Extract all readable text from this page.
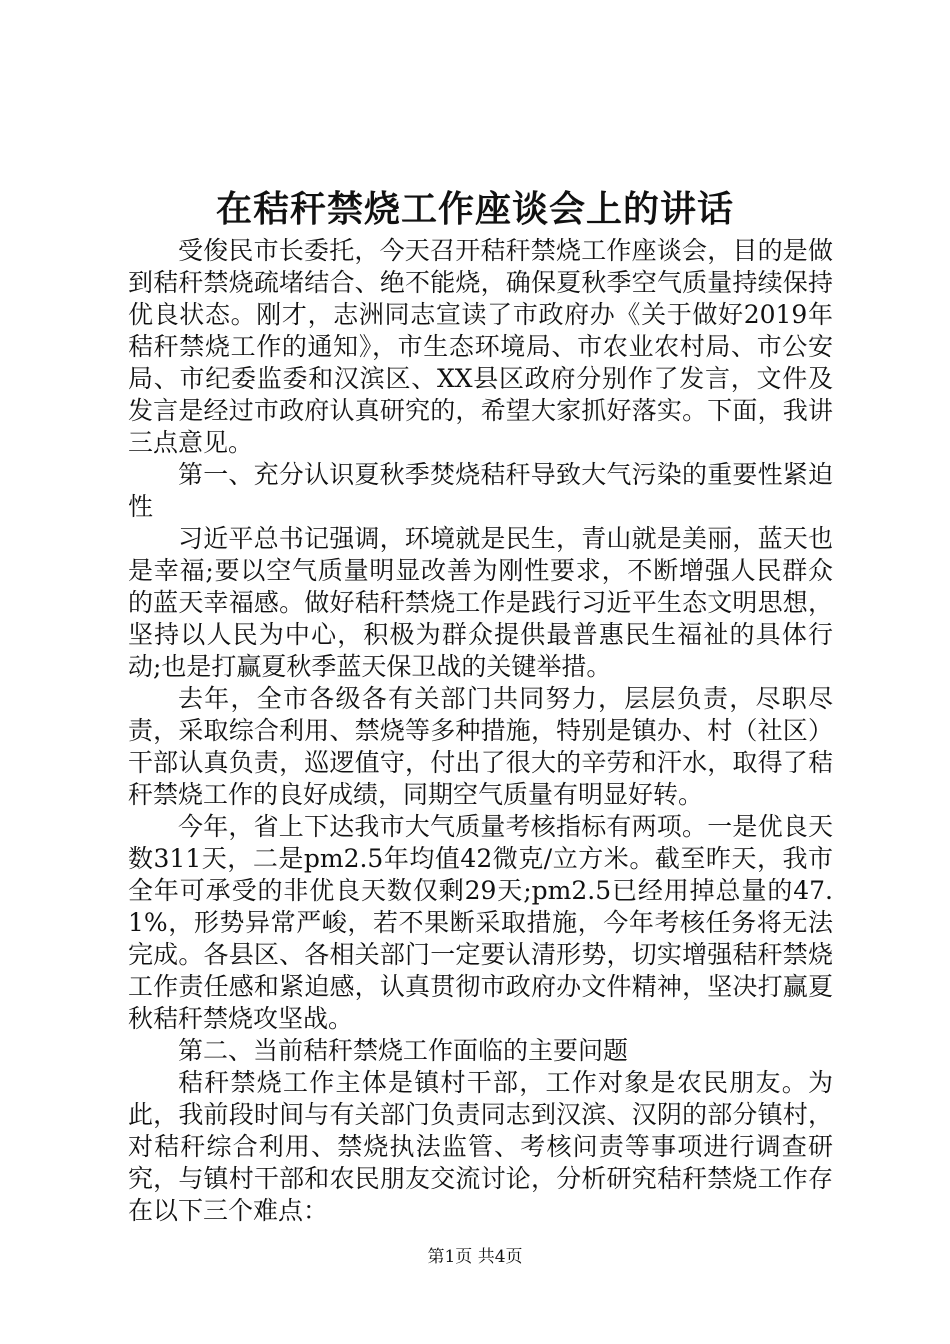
在秸秆禁烧工作座谈会上的讲话

受俊民市长委托，今天召开秸秆禁烧工作座谈会，目的是做到秸秆禁烧疏堵结合、绝不能烧，确保夏秋季空气质量持续保持优良状态。刚才，志洲同志宣读了市政府办《关于做好2019年秸秆禁烧工作的通知》，市生态环境局、市农业农村局、市公安局、市纪委监委和汉滨区、XX县区政府分别作了发言，文件及发言是经过市政府认真研究的，希望大家抓好落实。下面，我讲三点意见。

第一、充分认识夏秋季焚烧秸秆导致大气污染的重要性紧迫性

习近平总书记强调，环境就是民生，青山就是美丽，蓝天也是幸福;要以空气质量明显改善为刚性要求，不断增强人民群众的蓝天幸福感。做好秸秆禁烧工作是践行习近平生态文明思想，坚持以人民为中心，积极为群众提供最普惠民生福祉的具体行动;也是打赢夏秋季蓝天保卫战的关键举措。

去年，全市各级各有关部门共同努力，层层负责，尽职尽责，采取综合利用、禁烧等多种措施，特别是镇办、村（社区）干部认真负责，巡逻值守，付出了很大的辛劳和汗水，取得了秸秆禁烧工作的良好成绩，同期空气质量有明显好转。

今年，省上下达我市大气质量考核指标有两项。一是优良天数311天，二是pm2.5年均值42微克/立方米。截至昨天，我市全年可承受的非优良天数仅剩29天;pm2.5已经用掉总量的47.1%，形势异常严峻，若不果断采取措施，今年考核任务将无法完成。各县区、各相关部门一定要认清形势，切实增强秸秆禁烧工作责任感和紧迫感，认真贯彻市政府办文件精神，坚决打赢夏秋秸秆禁烧攻坚战。

第二、当前秸秆禁烧工作面临的主要问题

秸秆禁烧工作主体是镇村干部，工作对象是农民朋友。为此，我前段时间与有关部门负责同志到汉滨、汉阴的部分镇村，对秸秆综合利用、禁烧执法监管、考核问责等事项进行调查研究，与镇村干部和农民朋友交流讨论，分析研究秸秆禁烧工作存在以下三个难点：

第1页 共4页
